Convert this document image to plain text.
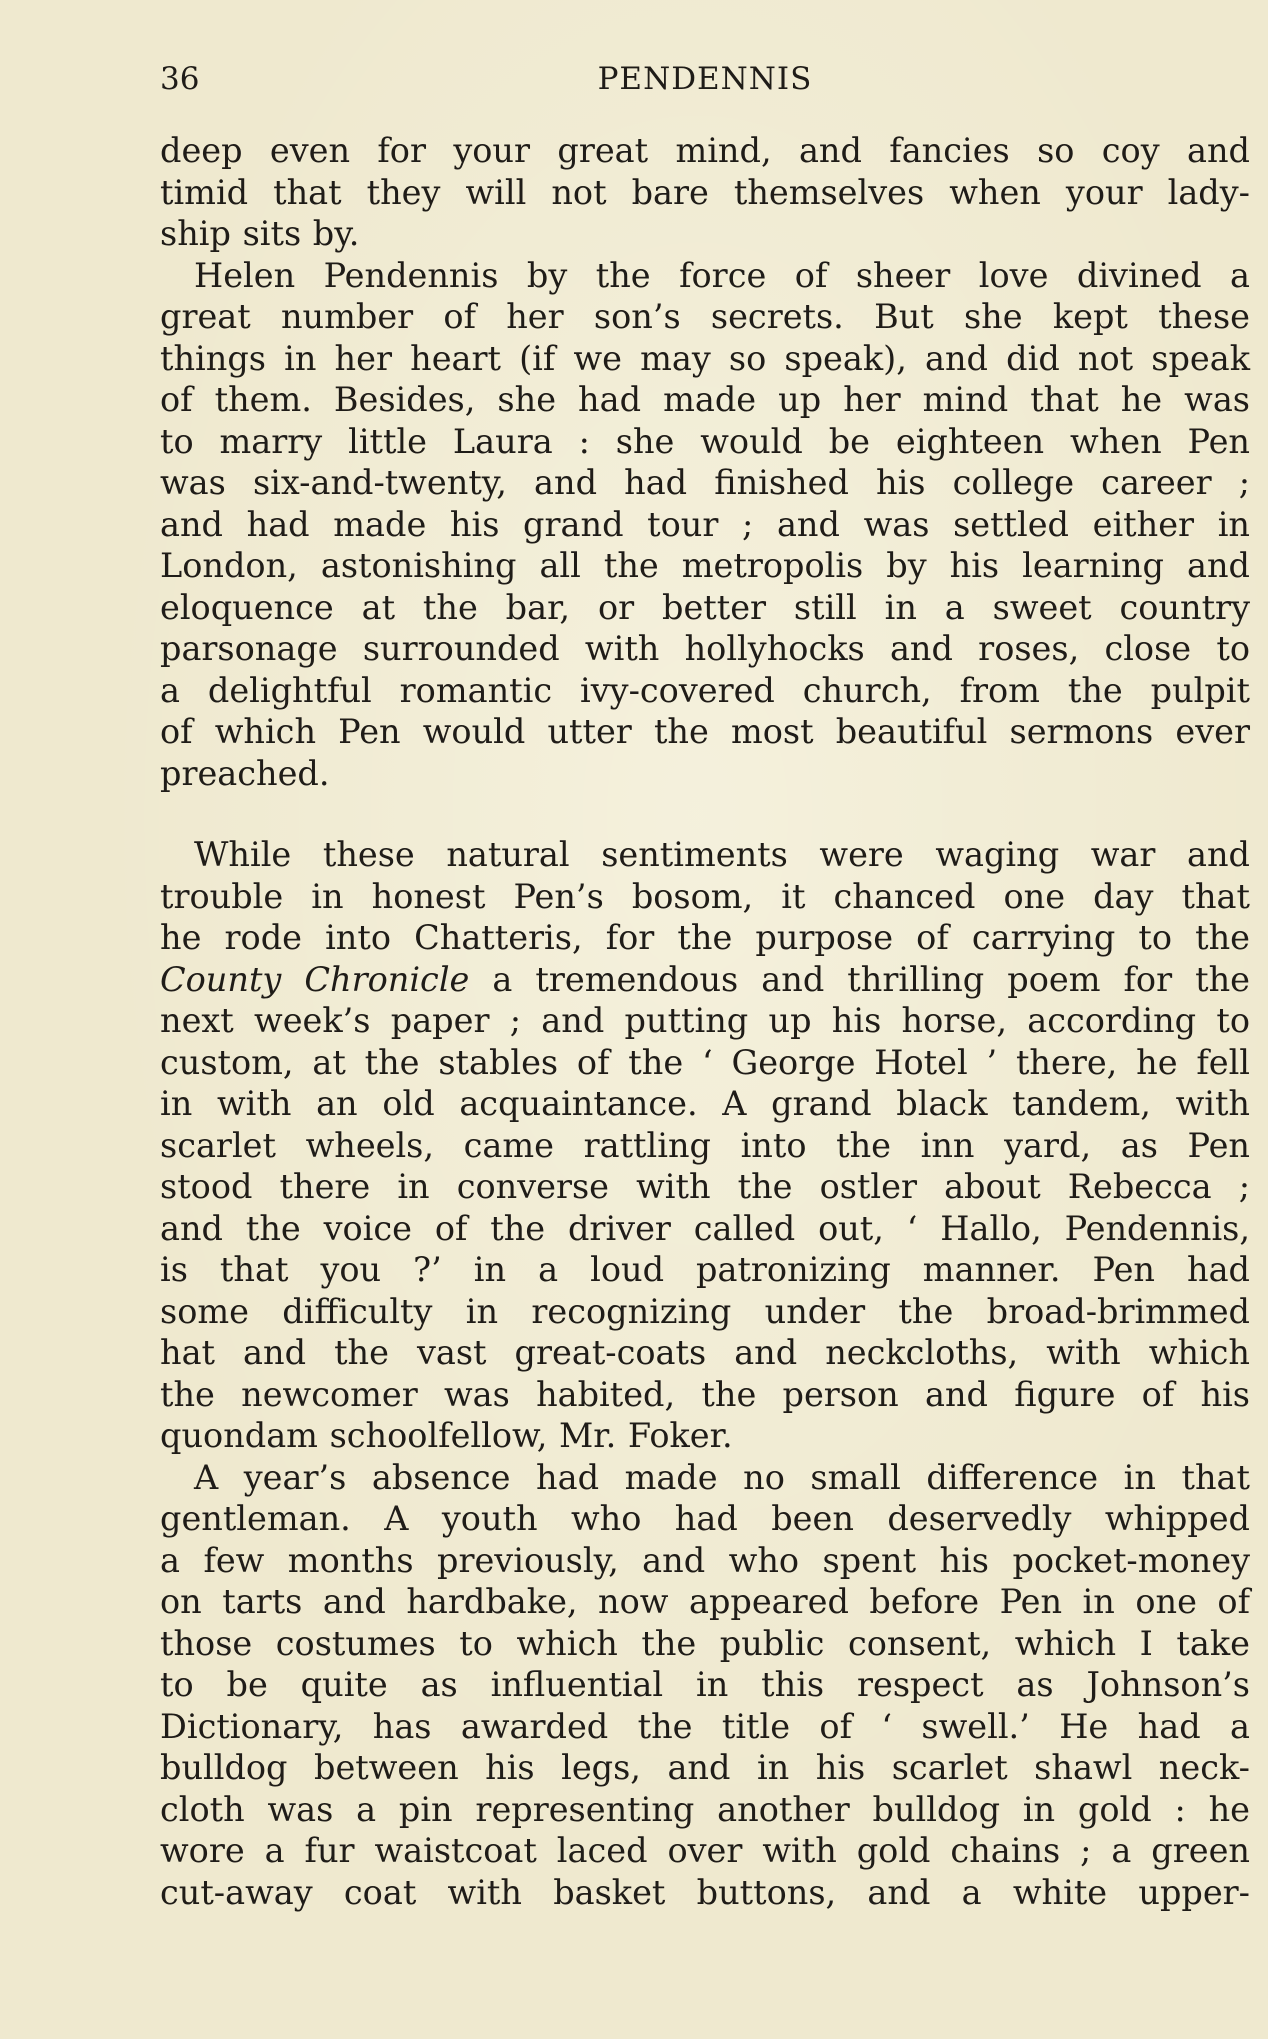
36	PENDENNIS
deep even for your great mind, and fancies so coy and
timid that they will not bare themselves when your lady-
ship sits by.
Helen Pendennis by the force of sheer love divined a
great number of her son’s secrets. But she kept these
things in her heart (if we may so speak), and did not speak
of them. Besides, she had made up her mind that he was
to marry little Laura : she would be eighteen when Pen
was six-and-twenty, and had finished his college career ;
and had made his grand tour ; and was settled either in
London, astonishing all the metropolis by his learning and
eloquence at the bar, or better still in a sweet country
parsonage surrounded with hollyhocks and roses, close to
a delightful romantic ivy-covered church, from the pulpit
of which Pen would utter the most beautiful sermons ever
preached.
While these natural sentiments were waging war and
trouble in honest Pen’s bosom, it chanced one day that
he rode into Chatteris, for the purpose of carrying to the
County Chronicle a tremendous and thrilling poem for the
next week’s paper ; and putting up his horse, according to
custom, at the stables of the ‘ George Hotel ’ there, he fell
in with an old acquaintance. A grand black tandem, with
scarlet wheels, came rattling into the inn yard, as Pen
stood there in converse with the ostler about Rebecca ;
and the voice of the driver called out, ‘ Hallo, Pendennis,
is that you ?’ in a loud patronizing manner. Pen had
some difficulty in recognizing under the broad-brimmed
hat and the vast great-coats and neckcloths, with which
the newcomer was habited, the person and figure of his
quondam schoolfellow, Mr. Foker.
A year’s absence had made no small difference in that
gentleman. A youth who had been deservedly whipped
a few months previously, and who spent his pocket-money
on tarts and hardbake, now appeared before Pen in one of
those costumes to which the public consent, which I take
to be quite as influential in this respect as Johnson’s
Dictionary, has awarded the title of ‘ swell.’ He had a
bulldog between his legs, and in his scarlet shawl neck-
cloth was a pin representing another bulldog in gold : he
wore a fur waistcoat laced over with gold chains ; a green
cut-away coat with basket buttons, and a white upper-
